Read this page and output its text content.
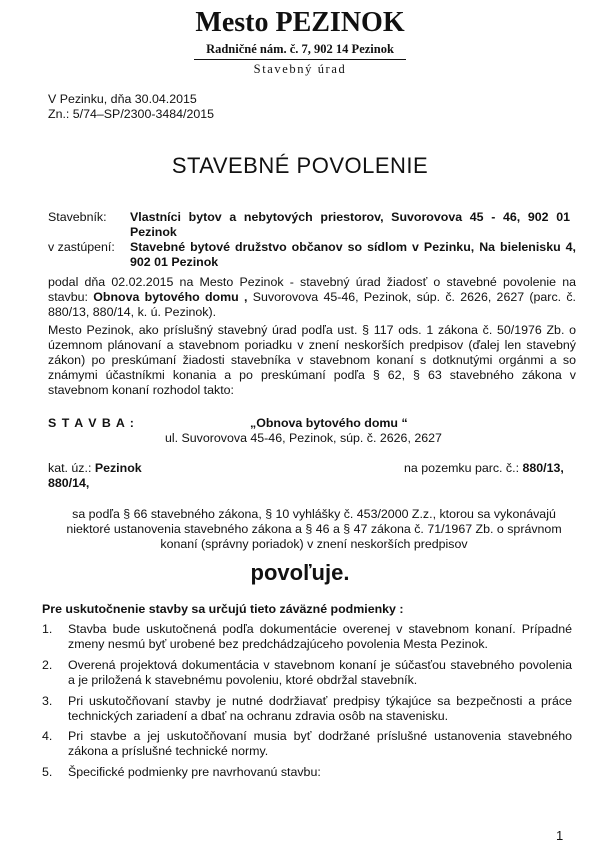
Mesto PEZINOK
Radničné nám. č. 7, 902 14 Pezinok
Stavebný úrad
V Pezinku, dňa 30.04.2015
Zn.: 5/74–SP/2300-3484/2015
STAVEBNÉ POVOLENIE
Stavebník: Vlastníci bytov a nebytových priestorov, Suvorovova 45 - 46, 902 01 Pezinok
v zastúpení: Stavebné bytové družstvo občanov so sídlom v Pezinku, Na bielenisku 4, 902 01 Pezinok
podal dňa 02.02.2015 na Mesto Pezinok - stavebný úrad žiadosť o stavebné povolenie na stavbu: Obnova bytového domu , Suvorovova 45-46, Pezinok, súp. č. 2626, 2627 (parc. č. 880/13, 880/14, k. ú. Pezinok).
Mesto Pezinok, ako príslušný stavebný úrad podľa ust. § 117 ods. 1 zákona č. 50/1976 Zb. o územnom plánovaní a stavebnom poriadku v znení neskorších predpisov (ďalej len stavebný zákon) po preskúmaní žiadosti stavebníka v stavebnom konaní s dotknutými orgánmi a so známymi účastníkmi konania a po preskúmaní podľa § 62, § 63 stavebného zákona v stavebnom konaní rozhodol takto:
S T A V B A :	„Obnova bytového domu “
ul. Suvorovova 45-46, Pezinok, súp. č. 2626, 2627
kat. úz.: Pezinok	na pozemku parc. č.: 880/13,
880/14,
sa podľa § 66 stavebného zákona, § 10 vyhlášky č. 453/2000 Z.z., ktorou sa vykonávajú niektoré ustanovenia stavebného zákona a § 46 a § 47 zákona č. 71/1967 Zb. o správnom konaní (správny poriadok) v znení neskorších predpisov
povoľuje.
Pre uskutočnenie stavby sa určujú tieto záväzné podmienky :
1.	Stavba bude uskutočnená podľa dokumentácie overenej v stavebnom konaní. Prípadné zmeny nesmú byť urobené bez predchádzajúceho povolenia Mesta Pezinok.
2.	Overená projektová dokumentácia v stavebnom konaní je súčasťou stavebného povolenia a je priložená k stavebnému povoleniu, ktoré obdržal stavebník.
3.	Pri uskutočňovaní stavby je nutné dodržiavať predpisy týkajúce sa bezpečnosti a práce technických zariadení a dbať na ochranu zdravia osôb na stavenisku.
4.	Pri stavbe a jej uskutočňovaní musia byť dodržané príslušné ustanovenia stavebného zákona a príslušné technické normy.
5.	Špecifické podmienky pre navrhovanú stavbu:
1
